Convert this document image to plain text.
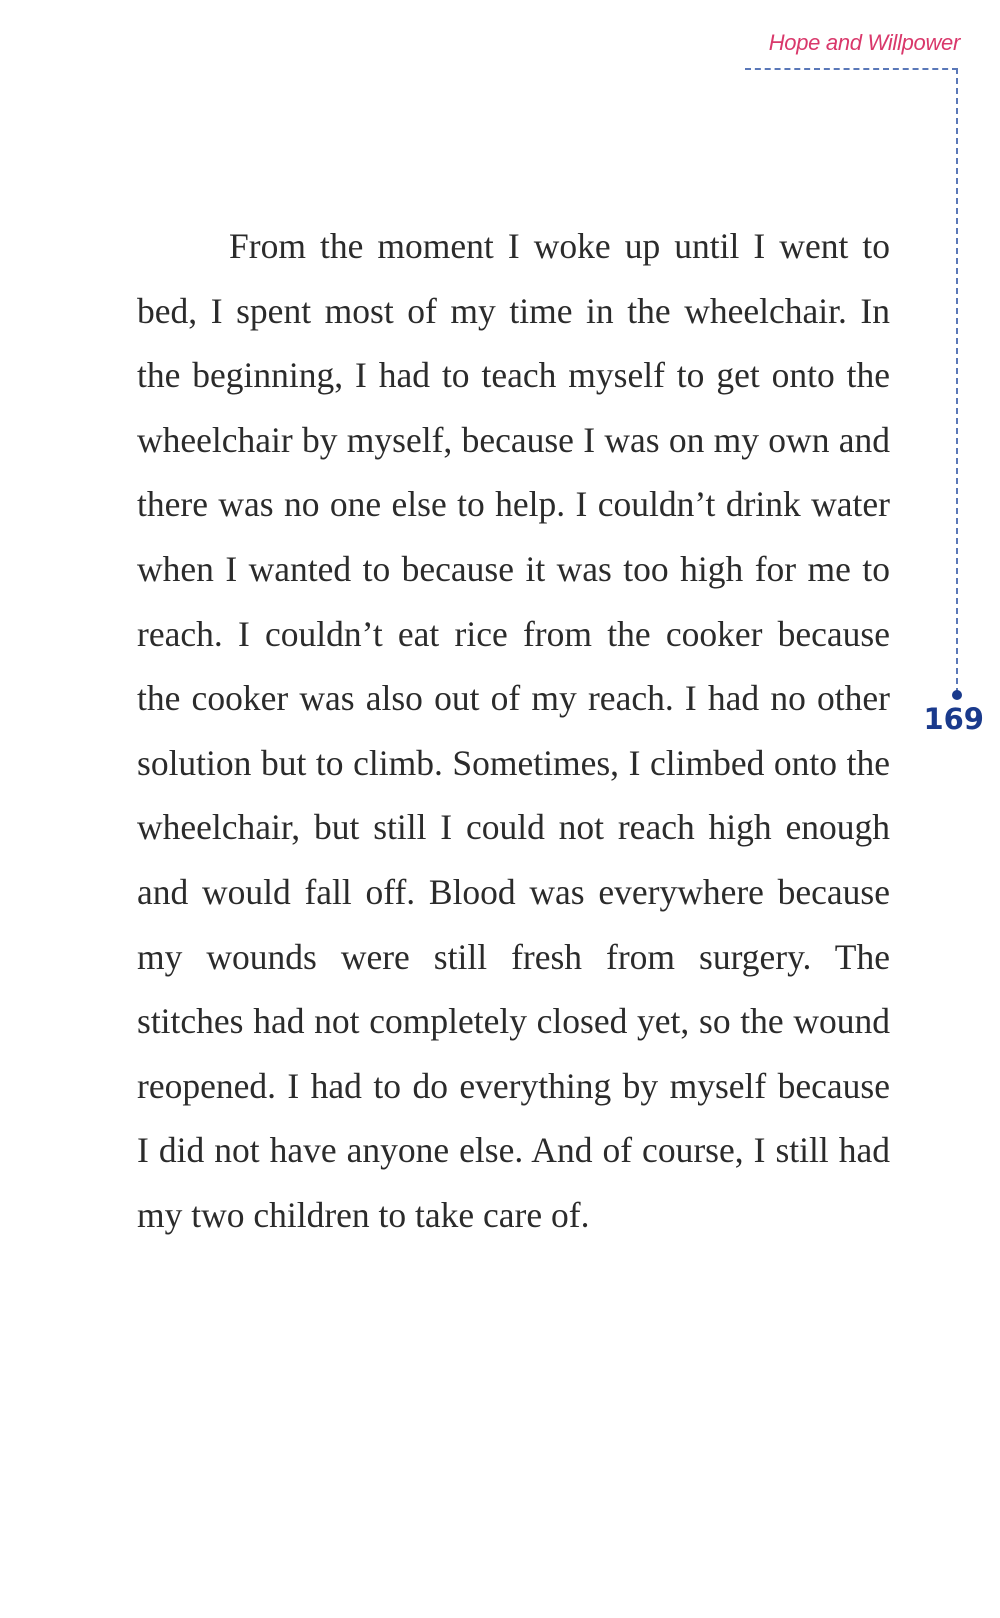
Hope and Willpower
169

From the moment I woke up until I went to bed, I spent most of my time in the wheelchair. In the beginning, I had to teach myself to get onto the wheelchair by myself, because I was on my own and there was no one else to help. I couldn’t drink water when I wanted to because it was too high for me to reach. I couldn’t eat rice from the cooker because the cooker was also out of my reach. I had no other solution but to climb. Sometimes, I climbed onto the wheelchair, but still I could not reach high enough and would fall off. Blood was everywhere because my wounds were still fresh from surgery. The stitches had not completely closed yet, so the wound reopened. I had to do everything by myself because I did not have anyone else. And of course, I still had my two children to take care of.
